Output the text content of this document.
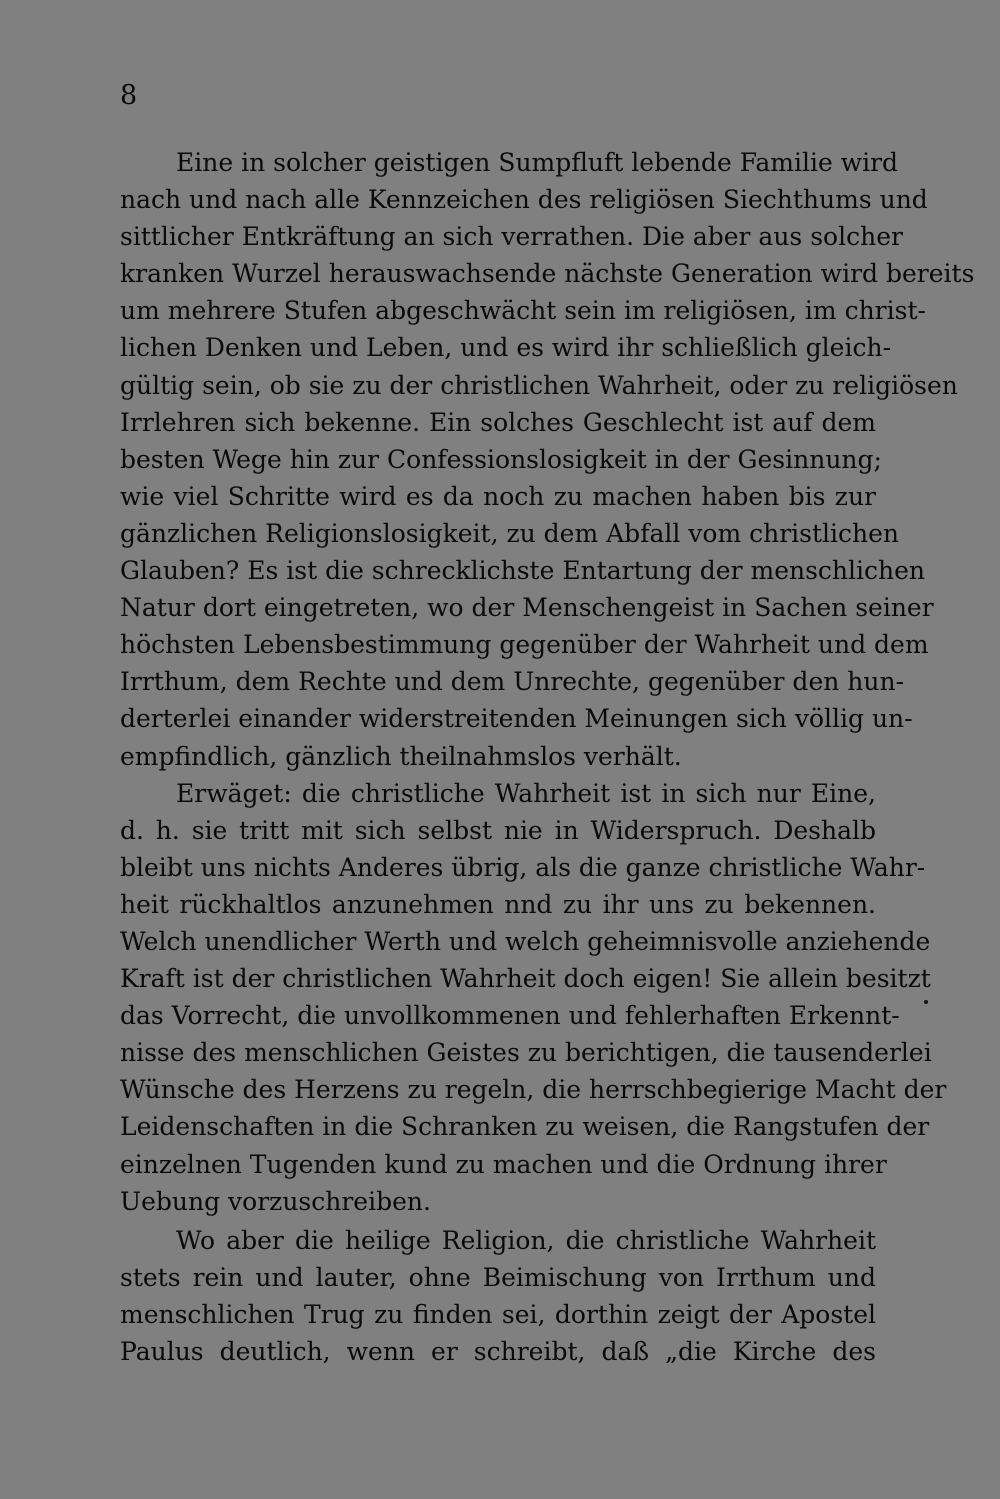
8
Eine in solcher geistigen Sumpfluft lebende Familie wird
nach und nach alle Kennzeichen des religiösen Siechthums und
sittlicher Entkräftung an sich verrathen. Die aber aus solcher
kranken Wurzel herauswachsende nächste Generation wird bereits
um mehrere Stufen abgeschwächt sein im religiösen, im christ-
lichen Denken und Leben, und es wird ihr schließlich gleich-
gültig sein, ob sie zu der christlichen Wahrheit, oder zu religiösen
Irrlehren sich bekenne. Ein solches Geschlecht ist auf dem
besten Wege hin zur Confessionslosigkeit in der Gesinnung;
wie viel Schritte wird es da noch zu machen haben bis zur
gänzlichen Religionslosigkeit, zu dem Abfall vom christlichen
Glauben? Es ist die schrecklichste Entartung der menschlichen
Natur dort eingetreten, wo der Menschengeist in Sachen seiner
höchsten Lebensbestimmung gegenüber der Wahrheit und dem
Irrthum, dem Rechte und dem Unrechte, gegenüber den hun-
derterlei einander widerstreitenden Meinungen sich völlig un-
empfindlich, gänzlich theilnahmslos verhält.
Erwäget: die christliche Wahrheit ist in sich nur Eine,
d. h. sie tritt mit sich selbst nie in Widerspruch. Deshalb
bleibt uns nichts Anderes übrig, als die ganze christliche Wahr-
heit rückhaltlos anzunehmen nnd zu ihr uns zu bekennen.
Welch unendlicher Werth und welch geheimnisvolle anziehende
Kraft ist der christlichen Wahrheit doch eigen! Sie allein besitzt
das Vorrecht, die unvollkommenen und fehlerhaften Erkennt-
nisse des menschlichen Geistes zu berichtigen, die tausenderlei
Wünsche des Herzens zu regeln, die herrschbegierige Macht der
Leidenschaften in die Schranken zu weisen, die Rangstufen der
einzelnen Tugenden kund zu machen und die Ordnung ihrer
Uebung vorzuschreiben.
Wo aber die heilige Religion, die christliche Wahrheit
stets rein und lauter, ohne Beimischung von Irrthum und
menschlichen Trug zu finden sei, dorthin zeigt der Apostel
Paulus deutlich, wenn er schreibt, daß „die Kirche des
